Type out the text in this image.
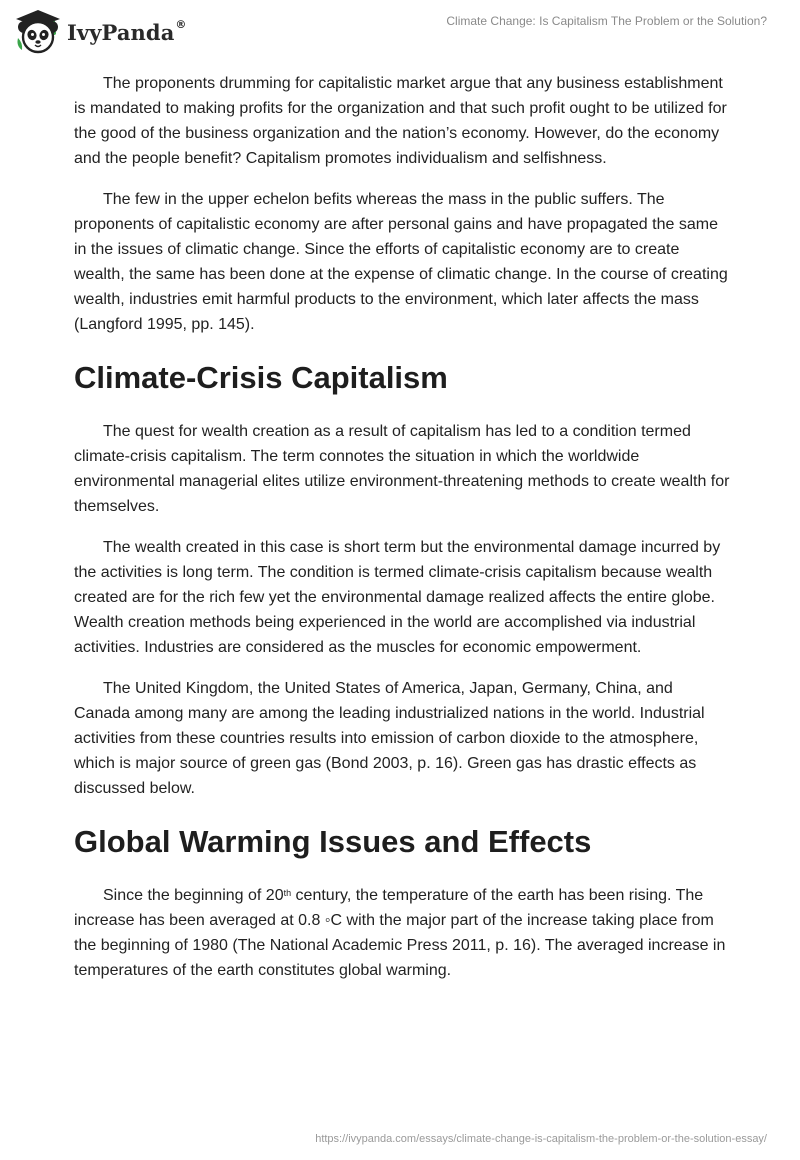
IvyPanda®	Climate Change: Is Capitalism The Problem or the Solution?

The proponents drumming for capitalistic market argue that any business establishment is mandated to making profits for the organization and that such profit ought to be utilized for the good of the business organization and the nation’s economy. However, do the economy and the people benefit? Capitalism promotes individualism and selfishness.

The few in the upper echelon befits whereas the mass in the public suffers. The proponents of capitalistic economy are after personal gains and have propagated the same in the issues of climatic change. Since the efforts of capitalistic economy are to create wealth, the same has been done at the expense of climatic change. In the course of creating wealth, industries emit harmful products to the environment, which later affects the mass (Langford 1995, pp. 145).

Climate-Crisis Capitalism

The quest for wealth creation as a result of capitalism has led to a condition termed climate-crisis capitalism. The term connotes the situation in which the worldwide environmental managerial elites utilize environment-threatening methods to create wealth for themselves.

The wealth created in this case is short term but the environmental damage incurred by the activities is long term. The condition is termed climate-crisis capitalism because wealth created are for the rich few yet the environmental damage realized affects the entire globe. Wealth creation methods being experienced in the world are accomplished via industrial activities. Industries are considered as the muscles for economic empowerment.

The United Kingdom, the United States of America, Japan, Germany, China, and Canada among many are among the leading industrialized nations in the world. Industrial activities from these countries results into emission of carbon dioxide to the atmosphere, which is major source of green gas (Bond 2003, p. 16). Green gas has drastic effects as discussed below.

Global Warming Issues and Effects

Since the beginning of 20th century, the temperature of the earth has been rising. The increase has been averaged at 0.8 ◦C with the major part of the increase taking place from the beginning of 1980 (The National Academic Press 2011, p. 16). The averaged increase in temperatures of the earth constitutes global warming.

https://ivypanda.com/essays/climate-change-is-capitalism-the-problem-or-the-solution-essay/
